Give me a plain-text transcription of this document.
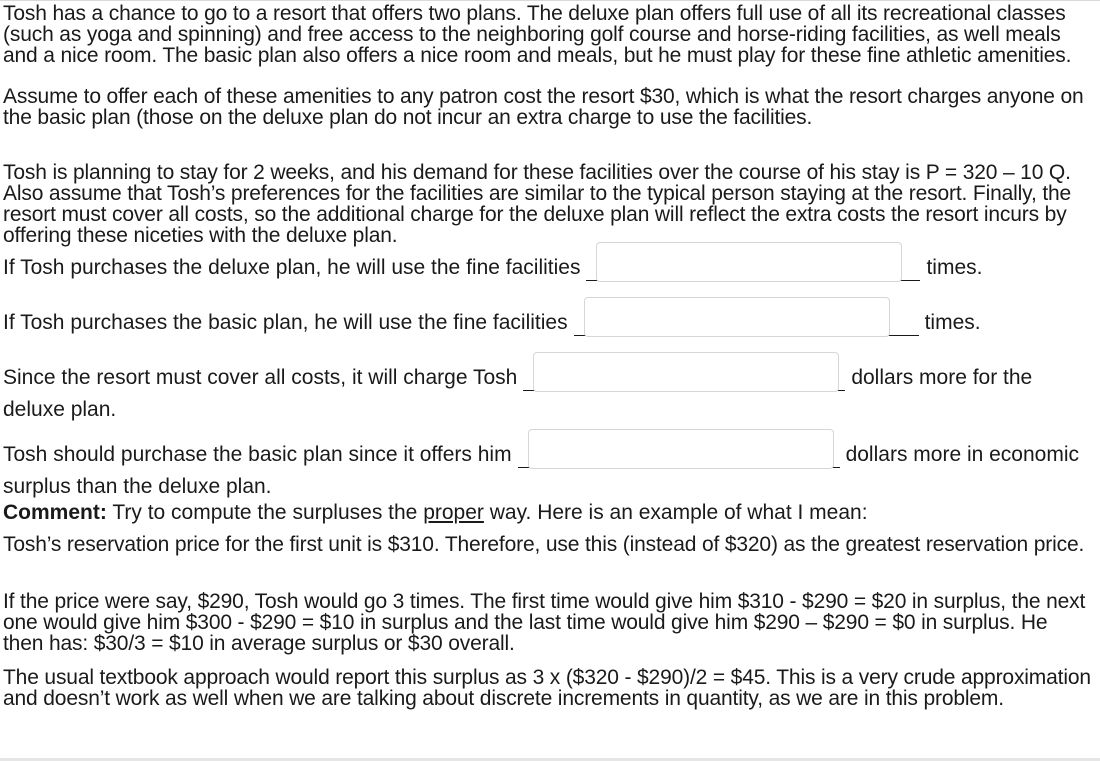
Tosh has a chance to go to a resort that offers two plans. The deluxe plan offers full use of all its recreational classes (such as yoga and spinning) and free access to the neighboring golf course and horse-riding facilities, as well meals and a nice room. The basic plan also offers a nice room and meals, but he must play for these fine athletic amenities.

Assume to offer each of these amenities to any patron cost the resort $30, which is what the resort charges anyone on the basic plan (those on the deluxe plan do not incur an extra charge to use the facilities.

Tosh is planning to stay for 2 weeks, and his demand for these facilities over the course of his stay is P = 320 – 10 Q. Also assume that Tosh’s preferences for the facilities are similar to the typical person staying at the resort. Finally, the resort must cover all costs, so the additional charge for the deluxe plan will reflect the extra costs the resort incurs by offering these niceties with the deluxe plan.

If Tosh purchases the deluxe plan, he will use the fine facilities	times.

If Tosh purchases the basic plan, he will use the fine facilities	times.

Since the resort must cover all costs, it will charge Tosh	dollars more for the deluxe plan.

Tosh should purchase the basic plan since it offers him	dollars more in economic surplus than the deluxe plan.

Comment: Try to compute the surpluses the proper way. Here is an example of what I mean:

Tosh’s reservation price for the first unit is $310. Therefore, use this (instead of $320) as the greatest reservation price.

If the price were say, $290, Tosh would go 3 times. The first time would give him $310 - $290 = $20 in surplus, the next one would give him $300 - $290 = $10 in surplus and the last time would give him $290 – $290 = $0 in surplus. He then has: $30/3 = $10 in average surplus or $30 overall.

The usual textbook approach would report this surplus as 3 x ($320 - $290)/2 = $45. This is a very crude approximation and doesn’t work as well when we are talking about discrete increments in quantity, as we are in this problem.
